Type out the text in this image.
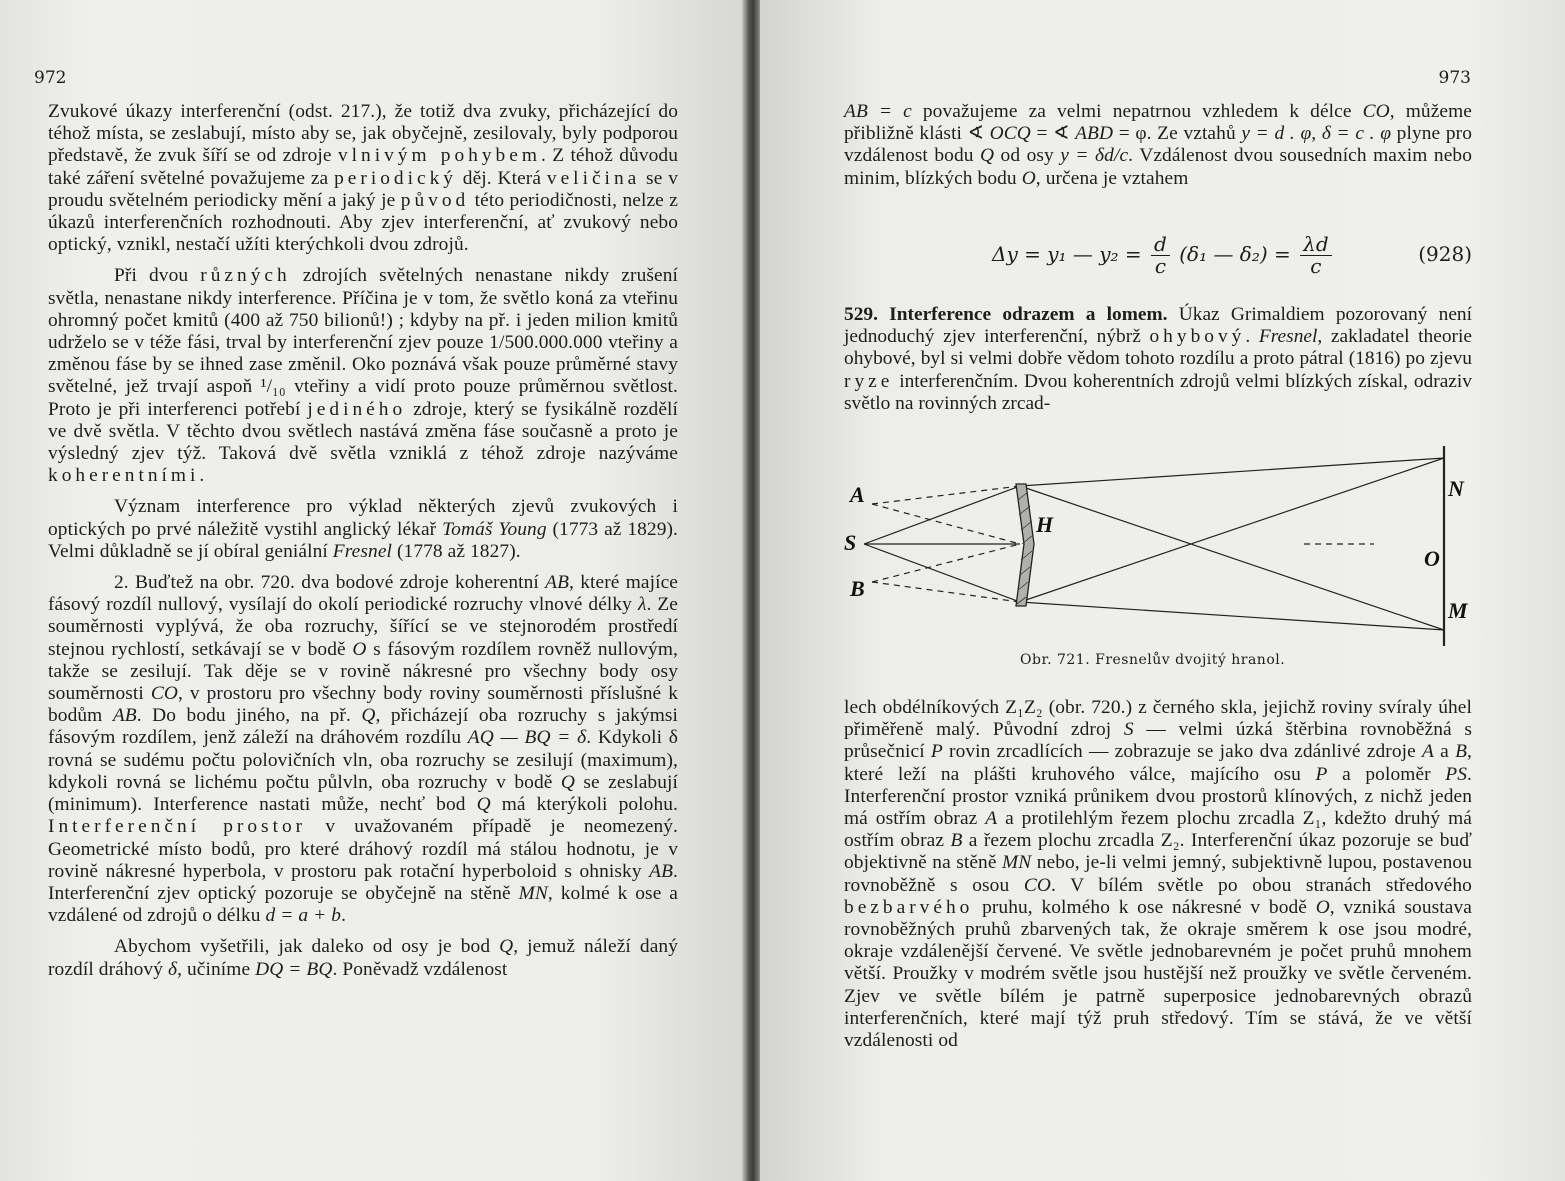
972

Zvukové úkazy interferenční (odst. 217.), že totiž dva zvuky, přicházející do téhož místa, se zeslabují, místo aby se, jak obyčejně, zesilovaly, byly podporou představě, že zvuk šíří se od zdroje vlnivým pohybem. Z téhož důvodu také záření světelné považujeme za periodický děj. Která veličina se v proudu světelném periodicky mění a jaký je původ této periodičnosti, nelze z úkazů interferenčních rozhodnouti. Aby zjev interferenční, ať zvukový nebo optický, vznikl, nestačí užíti kterýchkoli dvou zdrojů.

Při dvou různých zdrojích světelných nenastane nikdy zrušení světla, nenastane nikdy interference. Příčina je v tom, že světlo koná za vteřinu ohromný počet kmitů (400 až 750 bilionů!) ; kdyby na př. i jeden milion kmitů udrželo se v téže fási, trval by interferenční zjev pouze 1/500.000.000 vteřiny a změnou fáse by se ihned zase změnil. Oko poznává však pouze průměrné stavy světelné, jež trvají aspoň ¹/₁₀ vteřiny a vidí proto pouze průměrnou světlost. Proto je při interferenci potřebí jediného zdroje, který se fysikálně rozdělí ve dvě světla. V těchto dvou světlech nastává změna fáse současně a proto je výsledný zjev týž. Taková dvě světla vzniklá z téhož zdroje nazýváme koherentními.

Význam interference pro výklad některých zjevů zvukových i optických po prvé náležitě vystihl anglický lékař Tomáš Young (1773 až 1829). Velmi důkladně se jí obíral geniální Fresnel (1778 až 1827).

2. Buďtež na obr. 720. dva bodové zdroje koherentní AB, které majíce fásový rozdíl nullový, vysílají do okolí periodické rozruchy vlnové délky λ. Ze souměrnosti vyplývá, že oba rozruchy, šířící se ve stejnorodém prostředí stejnou rychlostí, setkávají se v bodě O s fásovým rozdílem rovněž nullovým, takže se zesilují. Tak děje se v rovině nákresné pro všechny body osy souměrnosti CO, v prostoru pro všechny body roviny souměrnosti příslušné k bodům AB. Do bodu jiného, na př. Q, přicházejí oba rozruchy s jakýmsi fásovým rozdílem, jenž záleží na dráhovém rozdílu AQ — BQ = δ. Kdykoli δ rovná se sudému počtu polovičních vln, oba rozruchy se zesilují (maximum), kdykoli rovná se lichému počtu půlvln, oba rozruchy v bodě Q se zeslabují (minimum). Interference nastati může, nechť bod Q má kterýkoli polohu. Interferenční prostor v uvažovaném případě je neomezený. Geometrické místo bodů, pro které dráhový rozdíl má stálou hodnotu, je v rovině nákresné hyperbola, v prostoru pak rotační hyperboloid s ohnisky AB. Interferenční zjev optický pozoruje se obyčejně na stěně MN, kolmé k ose a vzdálené od zdrojů o délku d = a + b.

Abychom vyšetřili, jak daleko od osy je bod Q, jemuž náleží daný rozdíl dráhový δ, učiníme DQ = BQ. Poněvadž vzdálenost

973

AB = c považujeme za velmi nepatrnou vzhledem k délce CO, můžeme přibližně klásti ∢ OCQ = ∢ ABD = φ. Ze vztahů y = d . φ, δ = c . φ plyne pro vzdálenost bodu Q od osy y = δd/c. Vzdálenost dvou sousedních maxim nebo minim, blízkých bodu O, určena je vztahem

Δy = y₁ — $y_2 = \frac{d}{c} (\delta_1$ — $\delta_2) = \frac{\lambda d}{c}$	(928)

529. Interference odrazem a lomem. Úkaz Grimaldiem pozorovaný není jednoduchý zjev interferenční, nýbrž ohybový. Fresnel, zakladatel theorie ohybové, byl si velmi dobře vědom tohoto rozdílu a proto pátral (1816) po zjevu ryze interferenčním. Dvou koherentních zdrojů velmi blízkých získal, odraziv světlo na rovinných zrcad-

A
S
B
H
N
O
M
Obr. 721. Fresnelův dvojitý hranol.

lech obdélníkových Z₁Z₂ (obr. 720.) z černého skla, jejichž roviny svíraly úhel přiměřeně malý. Původní zdroj S — velmi úzká štěrbina rovnoběžná s průsečnicí P rovin zrcadlících — zobrazuje se jako dva zdánlivé zdroje A a B, které leží na plášti kruhového válce, majícího osu P a poloměr PS. Interferenční prostor vzniká průnikem dvou prostorů klínových, z nichž jeden má ostřím obraz A a protilehlým řezem plochu zrcadla Z₁, kdežto druhý má ostřím obraz B a řezem plochu zrcadla Z₂. Interferenční úkaz pozoruje se buď objektivně na stěně MN nebo, je-li velmi jemný, subjektivně lupou, postavenou rovnoběžně s osou CO. V bílém světle po obou stranách středového bezbarvého pruhu, kolmého k ose nákresné v bodě O, vzniká soustava rovnoběžných pruhů zbarvených tak, že okraje směrem k ose jsou modré, okraje vzdálenější červené. Ve světle jednobarevném je počet pruhů mnohem větší. Proužky v modrém světle jsou hustější než proužky ve světle červeném. Zjev ve světle bílém je patrně superposice jednobarevných obrazů interferenčních, které mají týž pruh středový. Tím se stává, že ve větší vzdálenosti od
